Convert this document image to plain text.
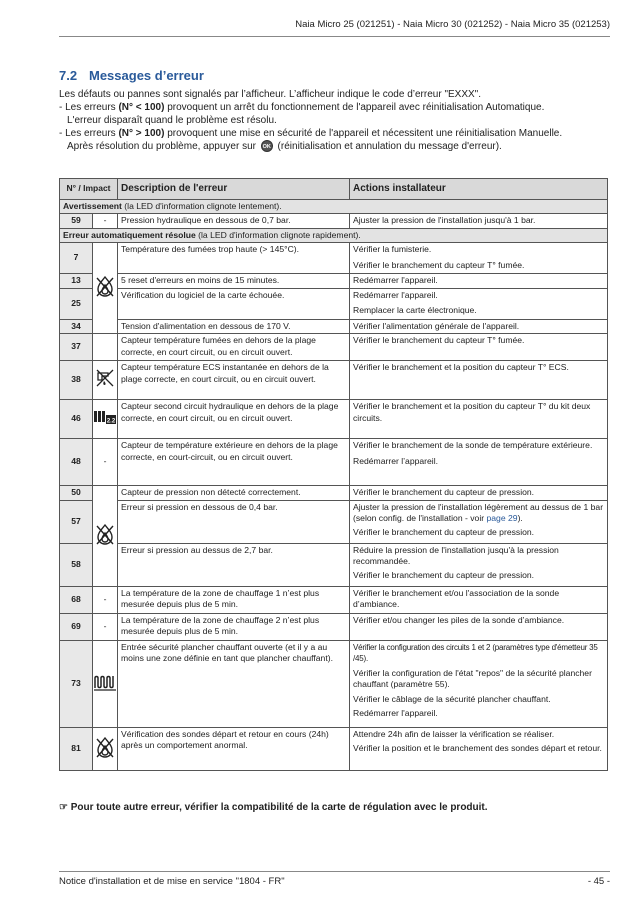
Naia Micro 25 (021251) - Naia Micro 30 (021252) - Naia Micro 35 (021253)
7.2 Messages d’erreur

Les défauts ou pannes sont signalés par l’afficheur. L’afficheur indique le code d’erreur "EXXX".

- Les erreurs (N° < 100) provoquent un arrêt du fonctionnement de l'appareil avec réinitialisation Automatique.

L'erreur disparaît quand le problème est résolu.

- Les erreurs (N° > 100) provoquent une mise en sécurité de l'appareil et nécessitent une réinitialisation Manuelle.

Après résolution du problème, appuyer sur OK (réinitialisation et annulation du message d'erreur).

N° / Impact		Description de l'erreur	Actions installateur
Avertissement (la LED d'information clignote lentement).			
59	-	Pression hydraulique en dessous de 0,7 bar.	Ajuster la pression de l'installation jusqu'à 1 bar.
Erreur automatiquement résolue (la LED d'information clignote rapidement).			
7		Température des fumées trop haute (> 145°C).	Vérifier la fumisterie.
Vérifier le branchement du capteur T° fumée.

13		5 reset d'erreurs en moins de 15 minutes.	Redémarrer l'appareil.
25		Vérification du logiciel de la carte échouée.	Redémarrer l'appareil.
Remplacer la carte électronique.

34		Tension d'alimentation en dessous de 170 V.	Vérifier l'alimentation générale de l'appareil.
37		Capteur température fumées en dehors de la plage correcte, en court circuit, ou en circuit ouvert.	Vérifier le branchement du capteur T° fumée.
38		Capteur température ECS instantanée en dehors de la plage correcte, en court circuit, ou en circuit ouvert.	Vérifier le branchement et la position du capteur T° ECS.
46	2.2	Capteur second circuit hydraulique en dehors de la plage correcte, en court circuit, ou en circuit ouvert.	Vérifier le branchement et la position du capteur T° du kit deux circuits.
48	-	Capteur de température extérieure en dehors de la plage correcte, en court-circuit, ou en circuit ouvert.	Vérifier le branchement de la sonde de température extérieure.
Redémarrer l’appareil.

50		Capteur de pression non détecté correctement.	Vérifier le branchement du capteur de pression.
57		Erreur si pression en dessous de 0,4 bar.	Ajuster la pression de l'installation légèrement au dessus de 1 bar (selon config. de l'installation - voir page 29).
Vérifier le branchement du capteur de pression.

58		Erreur si pression au dessus de 2,7 bar.	Réduire la pression de l'installation jusqu'à la pression recommandée.
Vérifier le branchement du capteur de pression.

68	-	La température de la zone de chauffage 1 n’est plus mesurée depuis plus de 5 min.	Vérifier le branchement et/ou l'association de la sonde d’ambiance.
69	-	La température de la zone de chauffage 2 n’est plus mesurée depuis plus de 5 min.	Vérifier et/ou changer les piles de la sonde d’ambiance.
73		Entrée sécurité plancher chauffant ouverte (et il y a au moins une zone définie en tant que plancher chauffant).	Vérifier la configuration des circuits 1 et 2 (paramètres type d'émetteur 35 /45).
Vérifier la configuration de l'état "repos" de la sécurité plancher chauffant (paramètre 55).
Vérifier le câblage de la sécurité plancher chauffant.
Redémarrer l'appareil.

81		Vérification des sondes départ et retour en cours (24h) après un comportement anormal.	Attendre 24h afin de laisser la vérification se réaliser.
Vérifier la position et le branchement des sondes départ et retour.
☞ Pour toute autre erreur, vérifier la compatibilité de la carte de régulation avec le produit.
Notice d'installation et de mise en service "1804 - FR"	- 45 -
